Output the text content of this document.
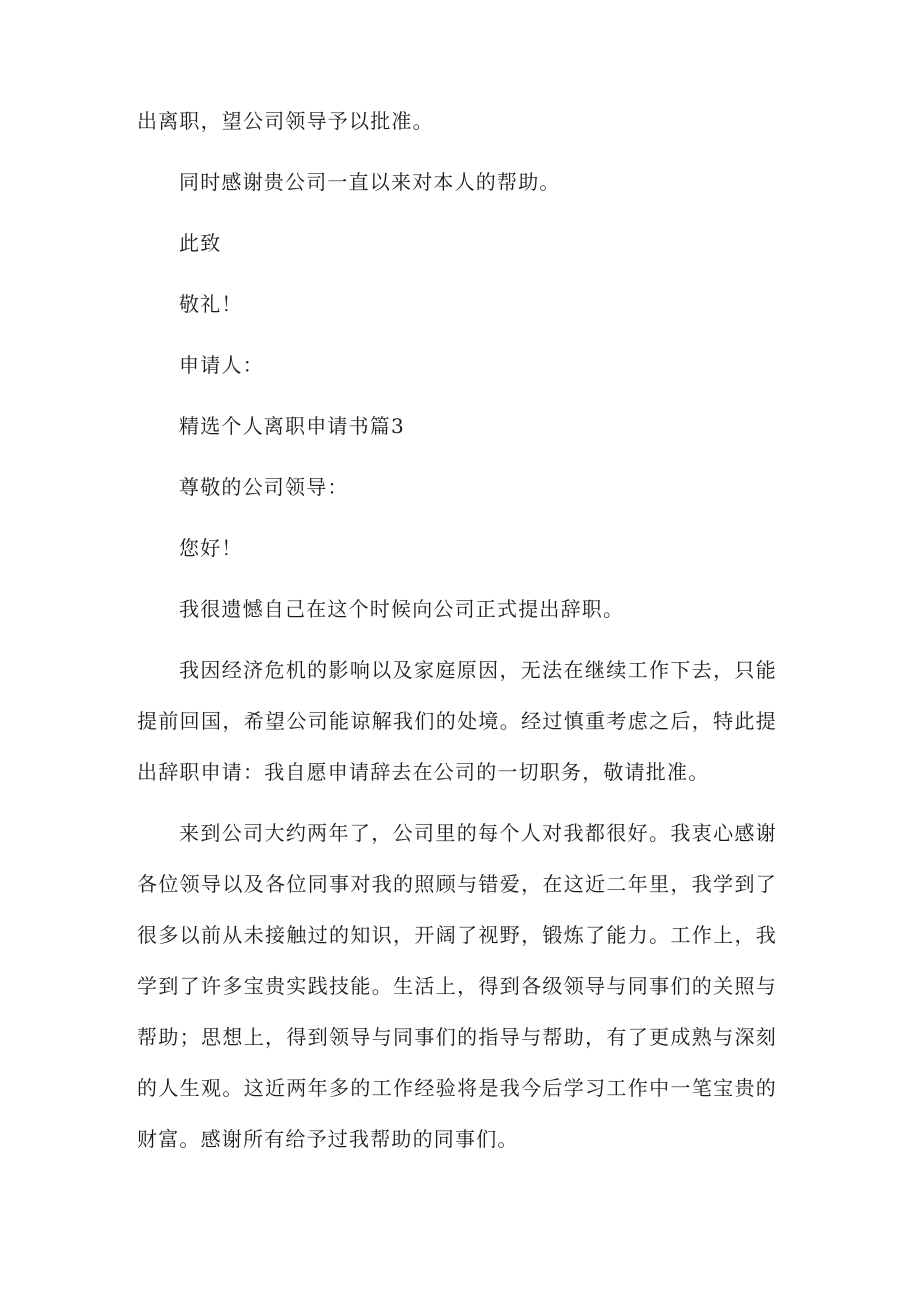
出离职，望公司领导予以批准。

同时感谢贵公司一直以来对本人的帮助。

此致

敬礼！

申请人：

精选个人离职申请书篇3

尊敬的公司领导：

您好！

我很遗憾自己在这个时候向公司正式提出辞职。

我因经济危机的影响以及家庭原因，无法在继续工作下去，只能提前回国，希望公司能谅解我们的处境。经过慎重考虑之后，特此提出辞职申请：我自愿申请辞去在公司的一切职务，敬请批准。

来到公司大约两年了，公司里的每个人对我都很好。我衷心感谢各位领导以及各位同事对我的照顾与错爱，在这近二年里，我学到了很多以前从未接触过的知识，开阔了视野，锻炼了能力。工作上，我学到了许多宝贵实践技能。生活上，得到各级领导与同事们的关照与帮助；思想上，得到领导与同事们的指导与帮助，有了更成熟与深刻的人生观。这近两年多的工作经验将是我今后学习工作中一笔宝贵的财富。感谢所有给予过我帮助的同事们。
